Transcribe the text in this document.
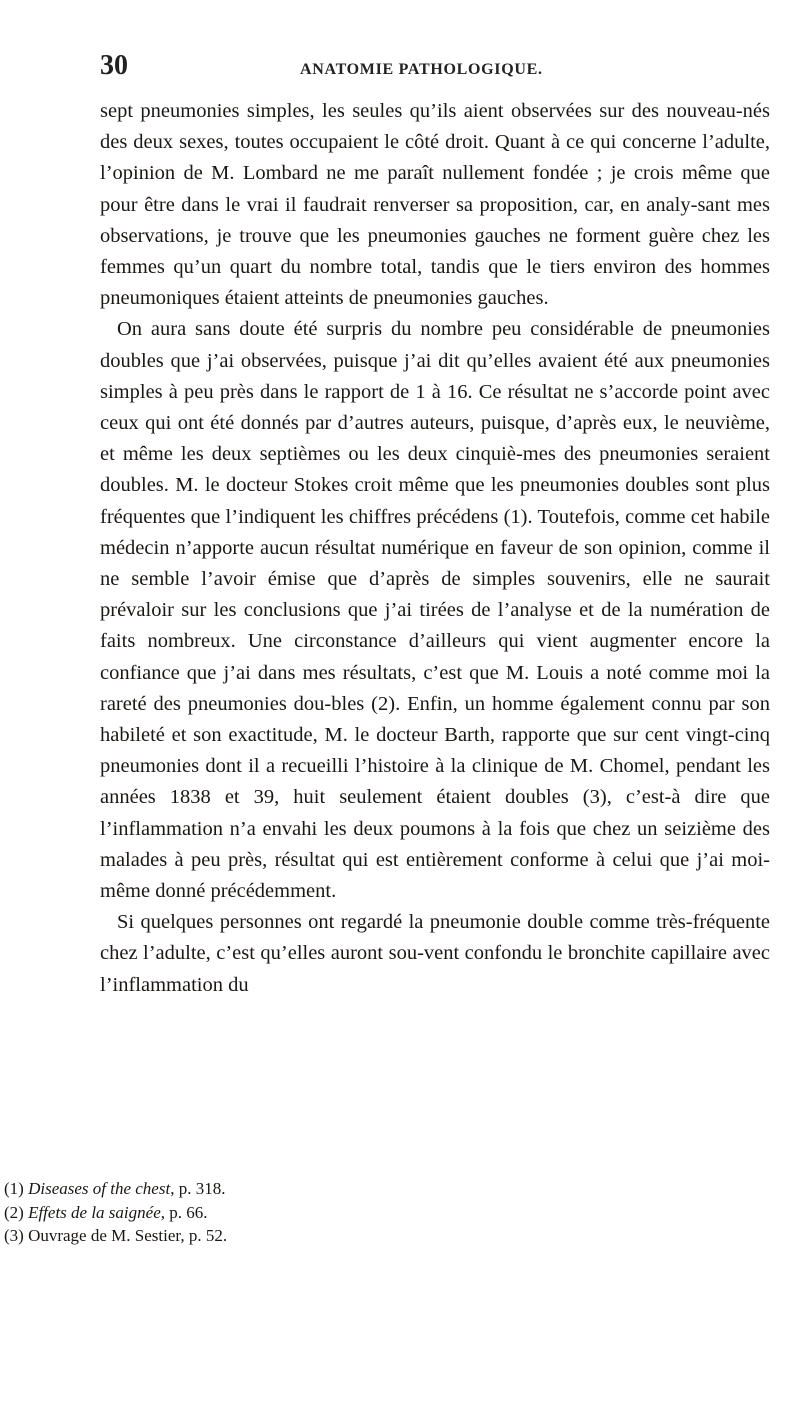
30	ANATOMIE PATHOLOGIQUE.

sept pneumonies simples, les seules qu’ils aient observées sur des nouveau-nés des deux sexes, toutes occupaient le côté droit. Quant à ce qui concerne l’adulte, l’opinion de M. Lombard ne me paraît nullement fondée ; je crois même que pour être dans le vrai il faudrait renverser sa proposition, car, en analy-sant mes observations, je trouve que les pneumonies gauches ne forment guère chez les femmes qu’un quart du nombre total, tandis que le tiers environ des hommes pneumoniques étaient atteints de pneumonies gauches.

On aura sans doute été surpris du nombre peu considérable de pneumonies doubles que j’ai observées, puisque j’ai dit qu’elles avaient été aux pneumonies simples à peu près dans le rapport de 1 à 16. Ce résultat ne s’accorde point avec ceux qui ont été donnés par d’autres auteurs, puisque, d’après eux, le neuvième, et même les deux septièmes ou les deux cinquiè-mes des pneumonies seraient doubles. M. le docteur Stokes croit même que les pneumonies doubles sont plus fréquentes que l’indiquent les chiffres précédens (1). Toutefois, comme cet habile médecin n’apporte aucun résultat numérique en faveur de son opinion, comme il ne semble l’avoir émise que d’après de simples souvenirs, elle ne saurait prévaloir sur les conclusions que j’ai tirées de l’analyse et de la numération de faits nombreux. Une circonstance d’ailleurs qui vient augmenter encore la confiance que j’ai dans mes résultats, c’est que M. Louis a noté comme moi la rareté des pneumonies dou-bles (2). Enfin, un homme également connu par son habileté et son exactitude, M. le docteur Barth, rapporte que sur cent vingt-cinq pneumonies dont il a recueilli l’histoire à la clinique de M. Chomel, pendant les années 1838 et 39, huit seulement étaient doubles (3), c’est-à dire que l’inflammation n’a envahi les deux poumons à la fois que chez un seizième des malades à peu près, résultat qui est entièrement conforme à celui que j’ai moi-même donné précédemment.

Si quelques personnes ont regardé la pneumonie double comme très-fréquente chez l’adulte, c’est qu’elles auront sou-vent confondu le bronchite capillaire avec l’inflammation du

(1) Diseases of the chest, p. 318.
(2) Effets de la saignée, p. 66.
(3) Ouvrage de M. Sestier, p. 52.
